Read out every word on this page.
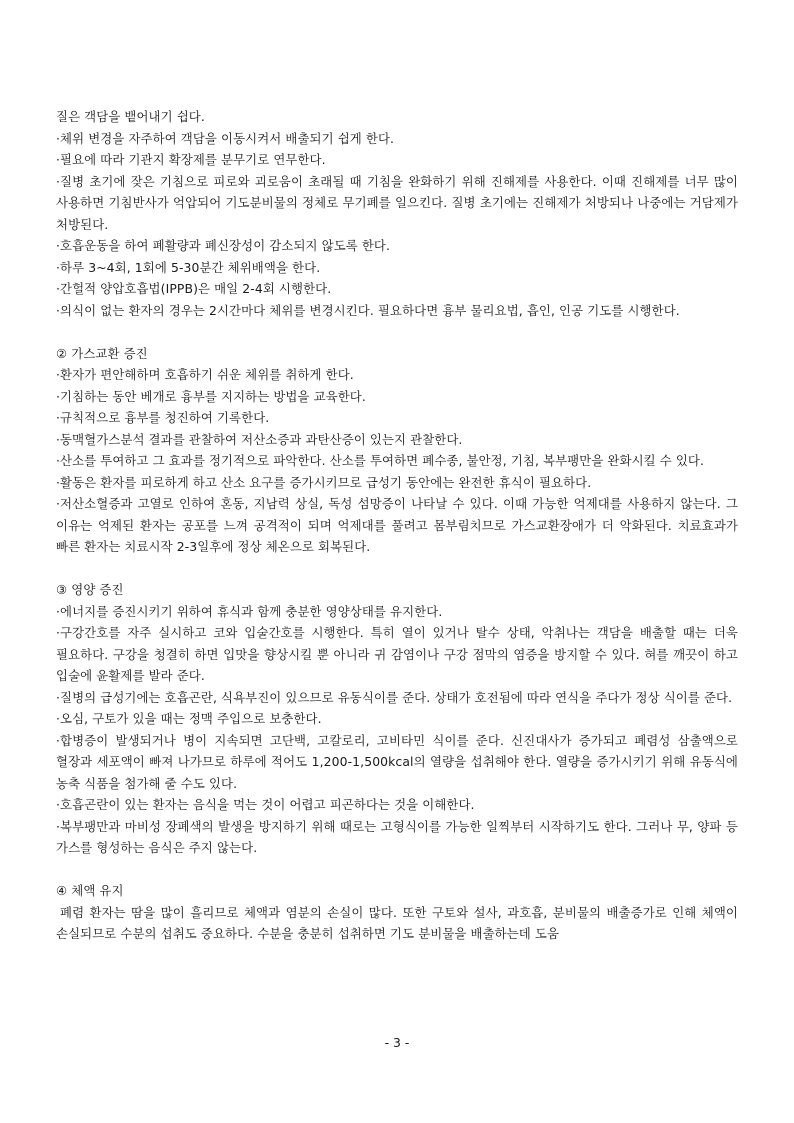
질은 객담을 뱉어내기 쉽다.

·체위 변경을 자주하여 객담을 이동시켜서 배출되기 쉽게 한다.

·필요에 따라 기관지 확장제를 분무기로 연무한다.

·질병 초기에 잦은 기침으로 피로와 괴로움이 초래될 때 기침을 완화하기 위해 진해제를 사용한다. 이때 진해제를 너무 많이 사용하면 기침반사가 억압되어 기도분비물의 정체로 무기폐를 일으킨다. 질병 초기에는 진해제가 처방되나 나중에는 거담제가 처방된다.

·호흡운동을 하여 폐활량과 폐신장성이 감소되지 않도록 한다.

·하루 3~4회, 1회에 5-30분간 체위배액을 한다.

·간헐적 양압호흡법(IPPB)은 매일 2-4회 시행한다.

·의식이 없는 환자의 경우는 2시간마다 체위를 변경시킨다. 필요하다면 흉부 물리요법, 흡인, 인공 기도를 시행한다.

② 가스교환 증진

·환자가 편안해하며 호흡하기 쉬운 체위를 취하게 한다.

·기침하는 동안 베개로 흉부를 지지하는 방법을 교육한다.

·규칙적으로 흉부를 청진하여 기록한다.

·동맥혈가스분석 결과를 관찰하여 저산소증과 과탄산증이 있는지 관찰한다.

·산소를 투여하고 그 효과를 정기적으로 파악한다. 산소를 투여하면 폐수종, 불안정, 기침, 복부팽만을 완화시킬 수 있다.

·활동은 환자를 피로하게 하고 산소 요구를 증가시키므로 급성기 동안에는 완전한 휴식이 필요하다.

·저산소혈증과 고열로 인하여 혼동, 지남력 상실, 독성 섬망증이 나타날 수 있다. 이때 가능한 억제대를 사용하지 않는다. 그 이유는 억제된 환자는 공포를 느껴 공격적이 되며 억제대를 풀려고 몸부림치므로 가스교환장애가 더 악화된다. 치료효과가 빠른 환자는 치료시작 2-3일후에 정상 체온으로 회복된다.

③ 영양 증진

·에너지를 증진시키기 위하여 휴식과 함께 충분한 영양상태를 유지한다.

·구강간호를 자주 실시하고 코와 입술간호를 시행한다. 특히 열이 있거나 탈수 상태, 악취나는 객담을 배출할 때는 더욱 필요하다. 구강을 청결히 하면 입맛을 향상시킬 뿐 아니라 귀 감염이나 구강 점막의 염증을 방지할 수 있다. 혀를 깨끗이 하고 입술에 윤활제를 발라 준다.

·질병의 급성기에는 호흡곤란, 식욕부진이 있으므로 유동식이를 준다. 상태가 호전됨에 따라 연식을 주다가 정상 식이를 준다.

·오심, 구토가 있을 때는 정맥 주입으로 보충한다.

·합병증이 발생되거나 병이 지속되면 고단백, 고칼로리, 고비타민 식이를 준다. 신진대사가 증가되고 폐렴성 삼출액으로 혈장과 세포액이 빠져 나가므로 하루에 적어도 1,200-1,500kcal의 열량을 섭취해야 한다. 열량을 증가시키기 위해 유동식에 농축 식품을 첨가해 줄 수도 있다.

·호흡곤란이 있는 환자는 음식을 먹는 것이 어렵고 피곤하다는 것을 이해한다.

·복부팽만과 마비성 장폐색의 발생을 방지하기 위해 때로는 고형식이를 가능한 일찍부터 시작하기도 한다. 그러나 무, 양파 등 가스를 형성하는 음식은 주지 않는다.

④ 체액 유지

폐렴 환자는 땀을 많이 흘리므로 체액과 염분의 손실이 많다. 또한 구토와 설사, 과호흡, 분비물의 배출증가로 인해 체액이 손실되므로 수분의 섭취도 중요하다. 수분을 충분히 섭취하면 기도 분비물을 배출하는데 도움

- 3 -
